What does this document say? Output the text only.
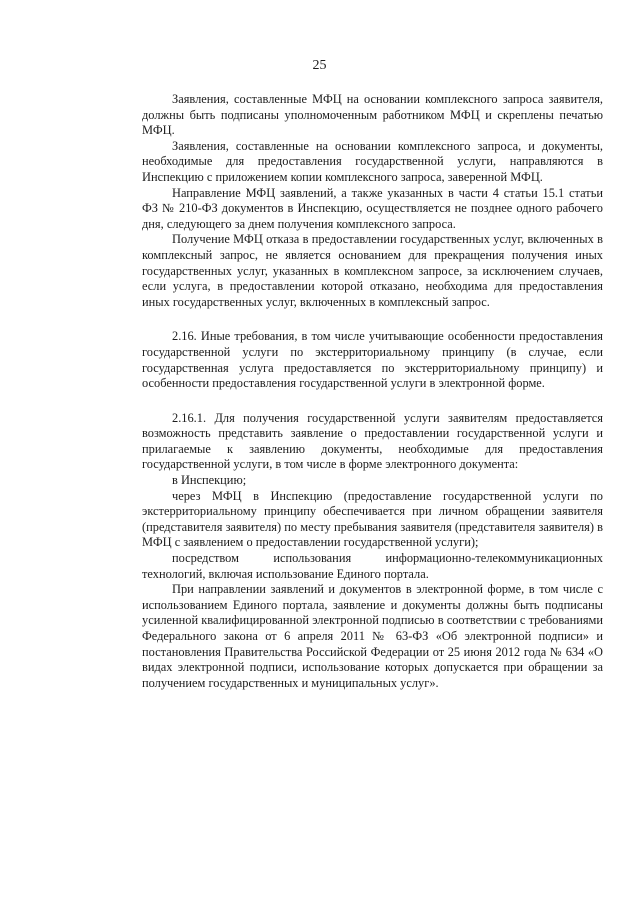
25

Заявления, составленные МФЦ на основании комплексного запроса заявителя, должны быть подписаны уполномоченным работником МФЦ и скреплены печатью МФЦ.

Заявления, составленные на основании комплексного запроса, и документы, необходимые для предоставления государственной услуги, направляются в Инспекцию с приложением копии комплексного запроса, заверенной МФЦ.

Направление МФЦ заявлений, а также указанных в части 4 статьи 15.1 статьи ФЗ № 210-ФЗ документов в Инспекцию, осуществляется не позднее одного рабочего дня, следующего за днем получения комплексного запроса.

Получение МФЦ отказа в предоставлении государственных услуг, включенных в комплексный запрос, не является основанием для прекращения получения иных государственных услуг, указанных в комплексном запросе, за исключением случаев, если услуга, в предоставлении которой отказано, необходима для предоставления иных государственных услуг, включенных в комплексный запрос.

2.16. Иные требования, в том числе учитывающие особенности предоставления государственной услуги по экстерриториальному принципу (в случае, если государственная услуга предоставляется по экстерриториальному принципу) и особенности предоставления государственной услуги в электронной форме.

2.16.1. Для получения государственной услуги заявителям предоставляется возможность представить заявление о предоставлении государственной услуги и прилагаемые к заявлению документы, необходимые для предоставления государственной услуги, в том числе в форме электронного документа:

в Инспекцию;

через МФЦ в Инспекцию (предоставление государственной услуги по экстерриториальному принципу обеспечивается при личном обращении заявителя (представителя заявителя) по месту пребывания заявителя (представителя заявителя) в МФЦ с заявлением о предоставлении государственной услуги);

посредством использования информационно-телекоммуникационных технологий, включая использование Единого портала.

При направлении заявлений и документов в электронной форме, в том числе с использованием Единого портала, заявление и документы должны быть подписаны усиленной квалифицированной электронной подписью в соответствии с требованиями Федерального закона от 6 апреля 2011 № 63-ФЗ «Об электронной подписи» и постановления Правительства Российской Федерации от 25 июня 2012 года № 634 «О видах электронной подписи, использование которых допускается при обращении за получением государственных и муниципальных услуг».
